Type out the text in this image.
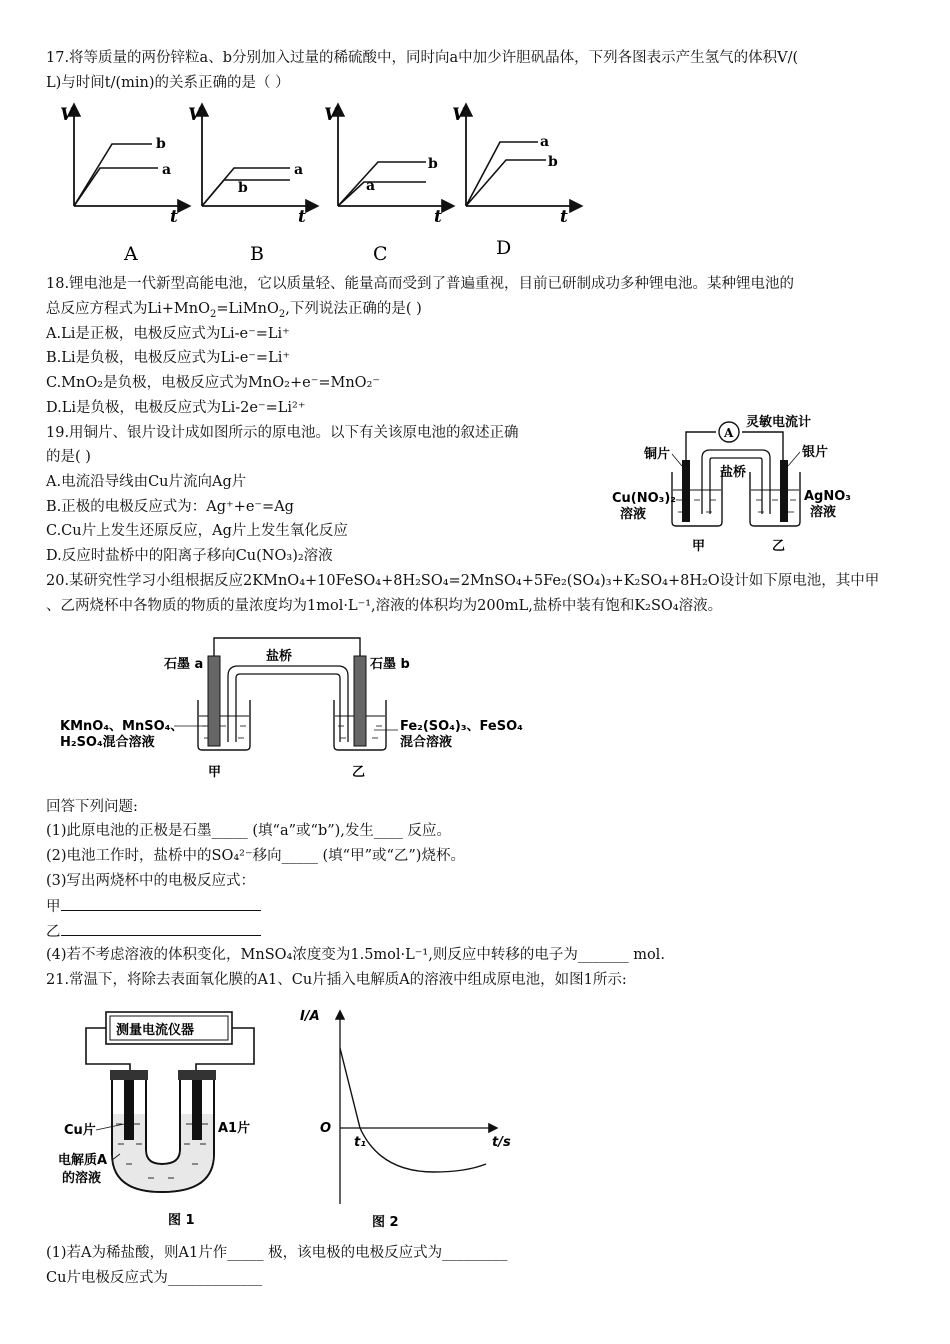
17.将等质量的两份锌粒a、b分别加入过量的稀硫酸中，同时向a中加少许胆矾晶体，下列各图表示产生氢气的体积V/(
L)与时间t/(min)的关系正确的是（ ）
V
t
b
a
A
V
t
a
b
B
V
t
b
a
C
V
t
a
b
D
18.锂电池是一代新型高能电池，它以质量轻、能量高而受到了普遍重视，目前已研制成功多种锂电池。某种锂电池的
总反应方程式为Li+MnO$_2$=LiMnO$_2$,下列说法正确的是( )
A.Li是正极，电极反应式为Li-e⁻=Li⁺
B.Li是负极，电极反应式为Li-e⁻=Li⁺
C.MnO₂是负极，电极反应式为MnO₂+e⁻=MnO₂⁻
D.Li是负极，电极反应式为Li-2e⁻=Li²⁺
19.用铜片、银片设计成如图所示的原电池。以下有关该原电池的叙述正确
的是( )
A.电流沿导线由Cu片流向Ag片
B.正极的电极反应式为：Ag⁺+e⁻=Ag
C.Cu片上发生还原反应，Ag片上发生氧化反应
D.反应时盐桥中的阳离子移向Cu(NO₃)₂溶液
A
灵敏电流计
铜片	银片
盐桥
Cu(NO₃)₂
溶液
AgNO₃
溶液
甲	乙
20.某研究性学习小组根据反应2KMnO₄+10FeSO₄+8H₂SO₄=2MnSO₄+5Fe₂(SO₄)₃+K₂SO₄+8H₂O设计如下原电池，其中甲
、乙两烧杯中各物质的物质的量浓度均为1mol·L⁻¹,溶液的体积均为200mL,盐桥中装有饱和K₂SO₄溶液。
盐桥
石墨 a	石墨 b
KMnO₄、MnSO₄、
H₂SO₄混合溶液
Fe₂(SO₄)₃、FeSO₄
混合溶液
甲	乙
回答下列问题:
(1)此原电池的正极是石墨_____ (填“a”或“b”),发生____ 反应。
(2)电池工作时，盐桥中的SO₄²⁻移向_____ (填“甲”或“乙”)烧杯。
(3)写出两烧杯中的电极反应式：
甲
乙
(4)若不考虑溶液的体积变化，MnSO₄浓度变为1.5mol·L⁻¹,则反应中转移的电子为_______ mol.
21.常温下，将除去表面氧化膜的A1、Cu片插入电解质A的溶液中组成原电池，如图1所示:
测量电流仪器
Cu片	A1片
电解质A
的溶液
图 1
I/A
O
t₁	t/s
图 2
(1)若A为稀盐酸，则A1片作_____ 极，该电极的电极反应式为_________
Cu片电极反应式为_____________
